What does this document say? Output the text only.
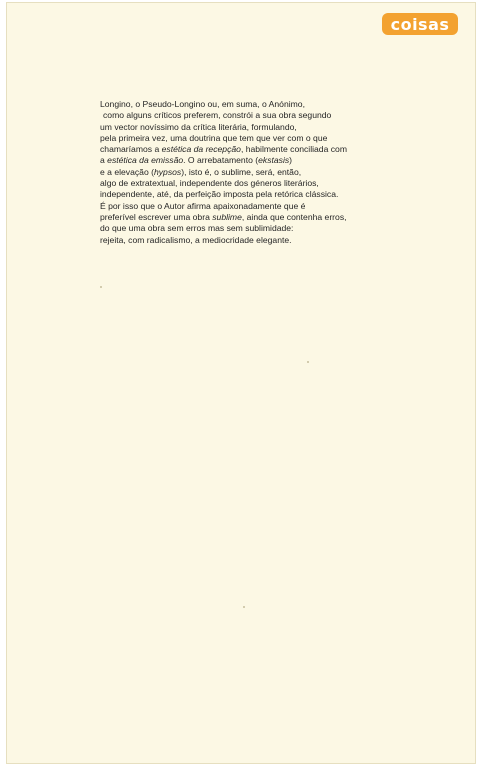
coisas
Longino, o Pseudo-Longino ou, em suma, o Anónimo,
como alguns críticos preferem, constrói a sua obra segundo
um vector novíssimo da crítica literária, formulando,
pela primeira vez, uma doutrina que tem que ver com o que
chamaríamos a estética da recepção, habilmente conciliada com
a estética da emissão. O arrebatamento (ekstasis)
e a elevação (hypsos), isto é, o sublime, será, então,
algo de extratextual, independente dos géneros literários,
independente, até, da perfeição imposta pela retórica clássica.
É por isso que o Autor afirma apaixonadamente que é
preferível escrever uma obra sublime, ainda que contenha erros,
do que uma obra sem erros mas sem sublimidade:
rejeita, com radicalismo, a mediocridade elegante.
